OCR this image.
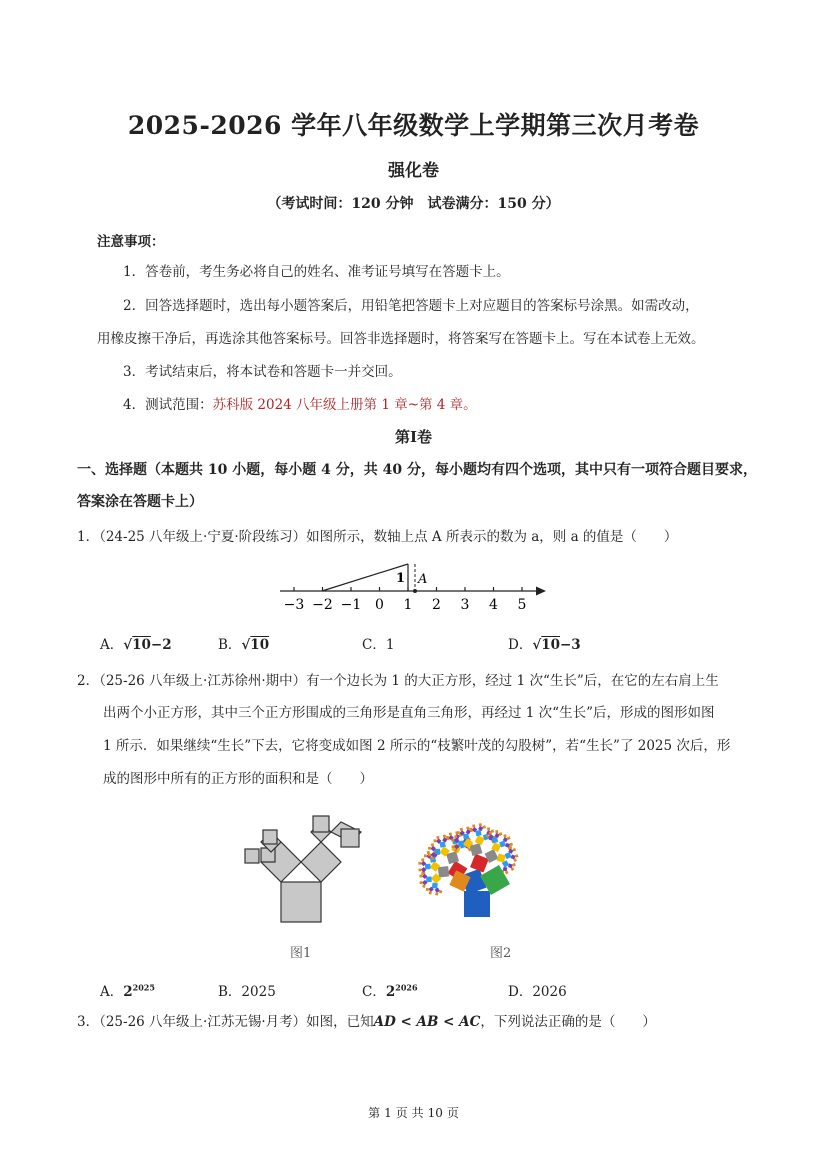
2025-2026 学年八年级数学上学期第三次月考卷
强化卷
（考试时间：120 分钟　试卷满分：150 分）
注意事项：
1．答卷前，考生务必将自己的姓名、准考证号填写在答题卡上。
2．回答选择题时，选出每小题答案后，用铅笔把答题卡上对应题目的答案标号涂黑。如需改动，
用橡皮擦干净后，再选涂其他答案标号。回答非选择题时，将答案写在答题卡上。写在本试卷上无效。
3．考试结束后，将本试卷和答题卡一并交回。
4．测试范围：苏科版 2024 八年级上册第 1 章~第 4 章。
第Ⅰ卷
一、选择题（本题共 10 小题，每小题 4 分，共 40 分，每小题均有四个选项，其中只有一项符合题目要求，
答案涂在答题卡上）
1．（24-25 八年级上·宁夏·阶段练习）如图所示，数轴上点 A 所表示的数为 a，则 a 的值是（　　）
−3 −2 −1 0 1 2 3 4 5
1 A
A．√10−2	B．√10	C．1	D．√10−3
2．（25-26 八年级上·江苏徐州·期中）有一个边长为 1 的大正方形，经过 1 次“生长”后，在它的左右肩上生
出两个小正方形，其中三个正方形围成的三角形是直角三角形，再经过 1 次“生长”后，形成的图形如图
1 所示．如果继续“生长”下去，它将变成如图 2 所示的“枝繁叶茂的勾股树”，若“生长”了 2025 次后，形
成的图形中所有的正方形的面积和是（　　）
图1	图2
A．$2^{2025}$	B．2025	C．$2^{2026}$	D．2026
3．（25-26 八年级上·江苏无锡·月考）如图，已知AD < AB < AC，下列说法正确的是（　　）
第 1 页 共 10 页
